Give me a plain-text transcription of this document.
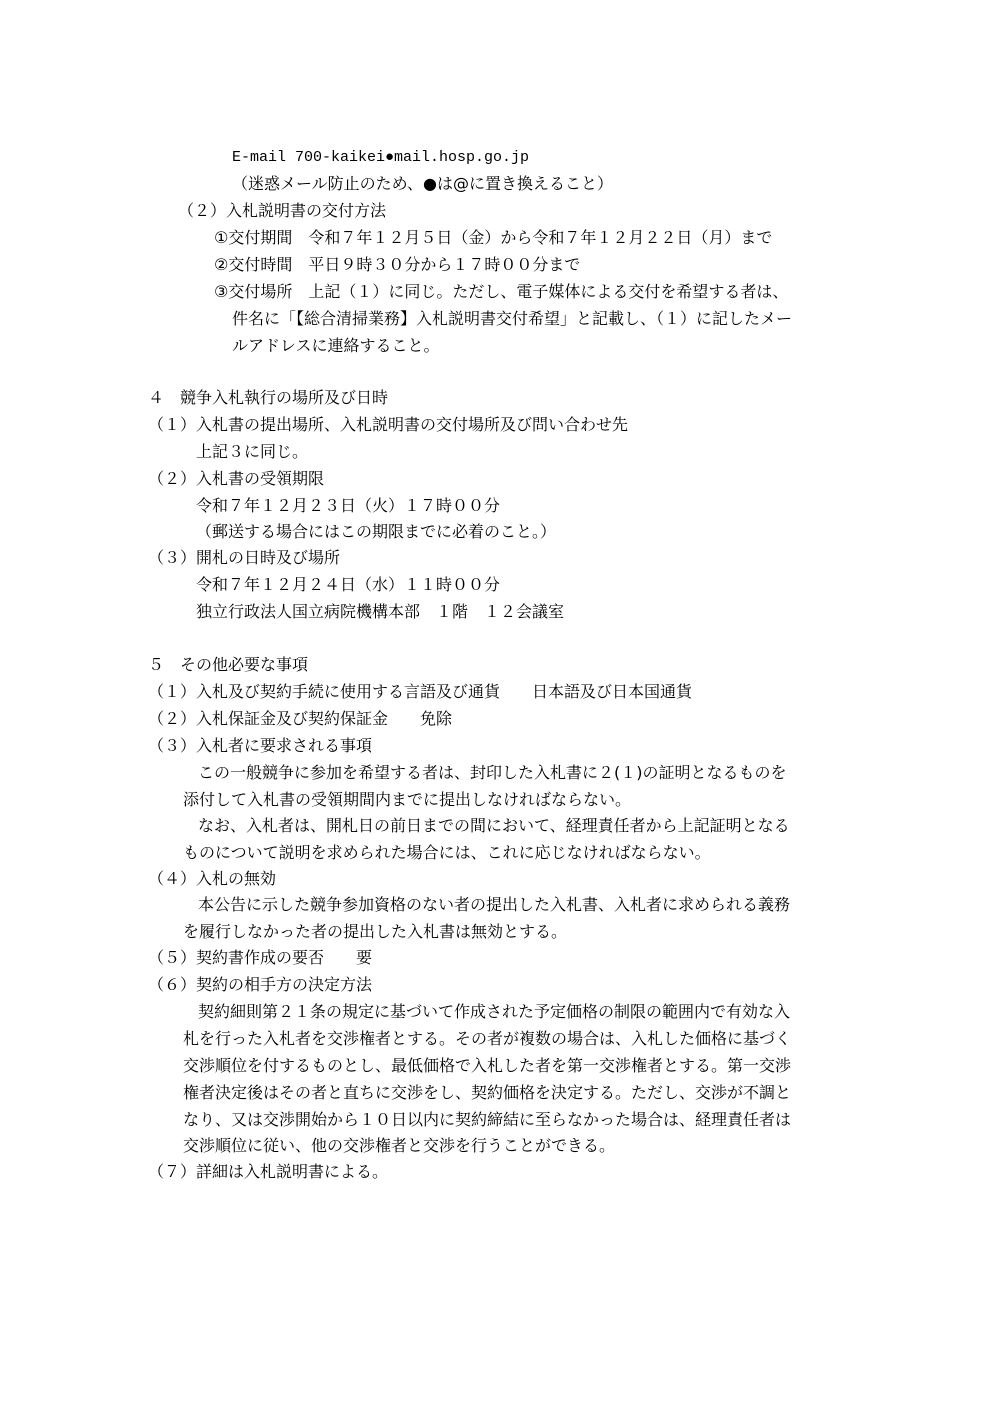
E-mail 700-kaikei●mail.hosp.go.jp
（迷惑メール防止のため、●は@に置き換えること）
（２）入札説明書の交付方法
①交付期間　令和７年１２月５日（金）から令和７年１２月２２日（月）まで
②交付時間　平日９時３０分から１７時００分まで
③交付場所　上記（１）に同じ。ただし、電子媒体による交付を希望する者は、
件名に「【総合清掃業務】入札説明書交付希望」と記載し、（１）に記したメー
ルアドレスに連絡すること。
４　競争入札執行の場所及び日時
（１）入札書の提出場所、入札説明書の交付場所及び問い合わせ先
上記３に同じ。
（２）入札書の受領期限
令和７年１２月２３日（火）１７時００分
（郵送する場合にはこの期限までに必着のこと。）
（３）開札の日時及び場所
令和７年１２月２４日（水）１１時００分
独立行政法人国立病院機構本部　１階　１２会議室
５　その他必要な事項
（１）入札及び契約手続に使用する言語及び通貨　　日本語及び日本国通貨
（２）入札保証金及び契約保証金　　免除
（３）入札者に要求される事項
この一般競争に参加を希望する者は、封印した入札書に２(１)の証明となるものを
添付して入札書の受領期間内までに提出しなければならない。
なお、入札者は、開札日の前日までの間において、経理責任者から上記証明となる
ものについて説明を求められた場合には、これに応じなければならない。
（４）入札の無効
本公告に示した競争参加資格のない者の提出した入札書、入札者に求められる義務
を履行しなかった者の提出した入札書は無効とする。
（５）契約書作成の要否　　要
（６）契約の相手方の決定方法
契約細則第２１条の規定に基づいて作成された予定価格の制限の範囲内で有効な入
札を行った入札者を交渉権者とする。その者が複数の場合は、入札した価格に基づく
交渉順位を付するものとし、最低価格で入札した者を第一交渉権者とする。第一交渉
権者決定後はその者と直ちに交渉をし、契約価格を決定する。ただし、交渉が不調と
なり、又は交渉開始から１０日以内に契約締結に至らなかった場合は、経理責任者は
交渉順位に従い、他の交渉権者と交渉を行うことができる。
（７）詳細は入札説明書による。
